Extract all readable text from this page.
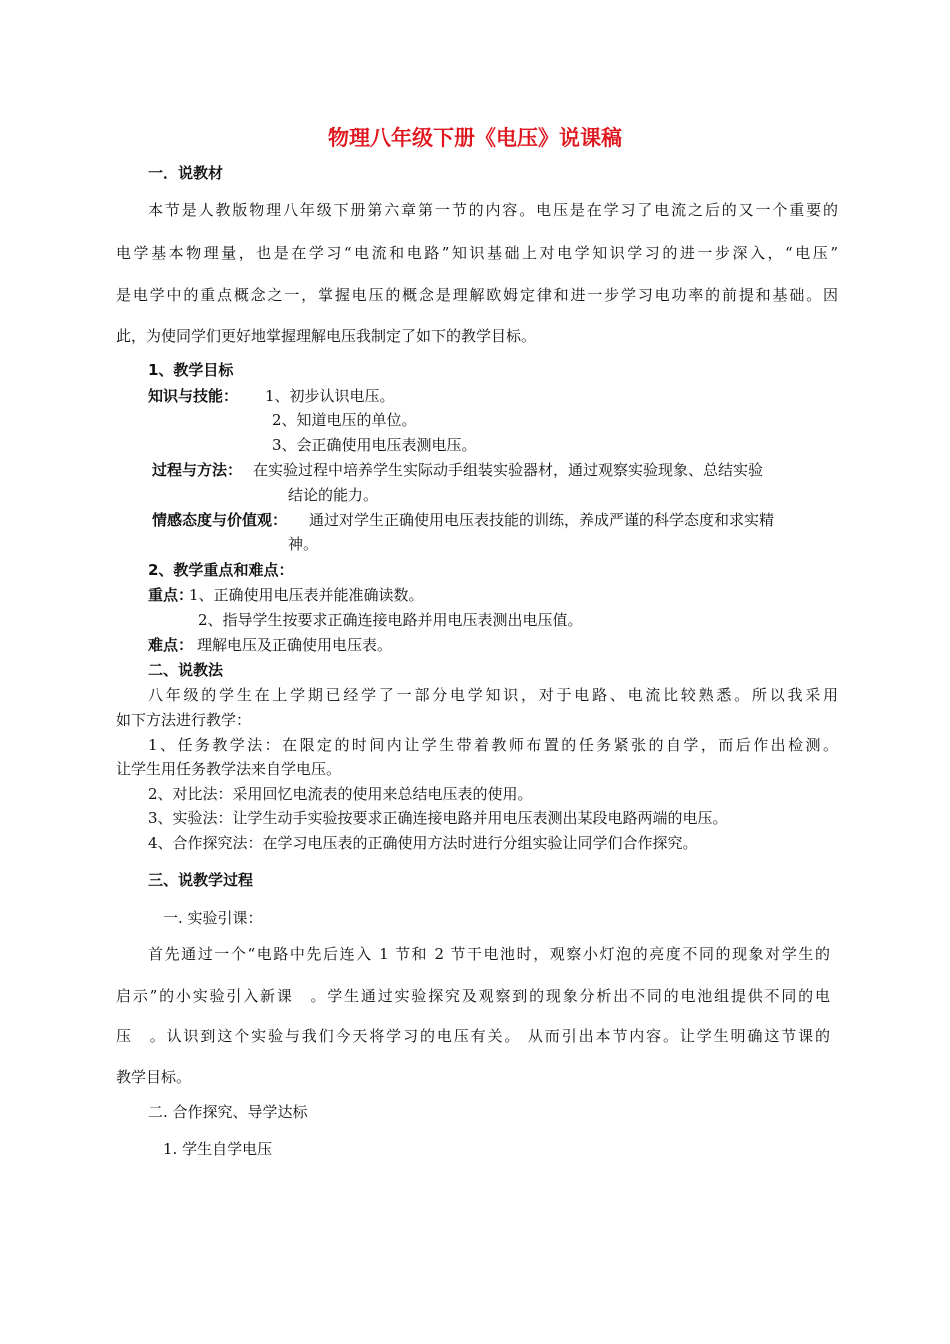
物理八年级下册《电压》说课稿
一．说教材
本节是人教版物理八年级下册第六章第一节的内容。电压是在学习了电流之后的又一个重要的
电学基本物理量，也是在学习“电流和电路”知识基础上对电学知识学习的进一步深入，“电压”
是电学中的重点概念之一，掌握电压的概念是理解欧姆定律和进一步学习电功率的前提和基础。因
此，为使同学们更好地掌握理解电压我制定了如下的教学目标。
1、教学目标
知识与技能： 1、初步认识电压。
2、知道电压的单位。
3、会正确使用电压表测电压。
过程与方法： 在实验过程中培养学生实际动手组装实验器材，通过观察实验现象、总结实验
结论的能力。
情感态度与价值观： 通过对学生正确使用电压表技能的训练，养成严谨的科学态度和求实精
神。
2、教学重点和难点：
重点：
1、正确使用电压表并能准确读数。
2、指导学生按要求正确连接电路并用电压表测出电压值。
难点： 理解电压及正确使用电压表。
二、说教法
八年级的学生在上学期已经学了一部分电学知识，对于电路、电流比较熟悉。所以我采用
如下方法进行教学：
1、任务教学法：在限定的时间内让学生带着教师布置的任务紧张的自学，而后作出检测。
让学生用任务教学法来自学电压。
2、对比法：采用回忆电流表的使用来总结电压表的使用。
3、实验法：让学生动手实验按要求正确连接电路并用电压表测出某段电路两端的电压。
4、合作探究法：在学习电压表的正确使用方法时进行分组实验让同学们合作探究。
三、说教学过程
一. 实验引课：
首先通过一个“电路中先后连入 1 节和 2 节干电池时，观察小灯泡的亮度不同的现象对学生的
启示”的小实验引入新课　。学生通过实验探究及观察到的现象分析出不同的电池组提供不同的电
压　。认识到这个实验与我们今天将学习的电压有关。 从而引出本节内容。让学生明确这节课的
教学目标。
二. 合作探究、导学达标
1. 学生自学电压
